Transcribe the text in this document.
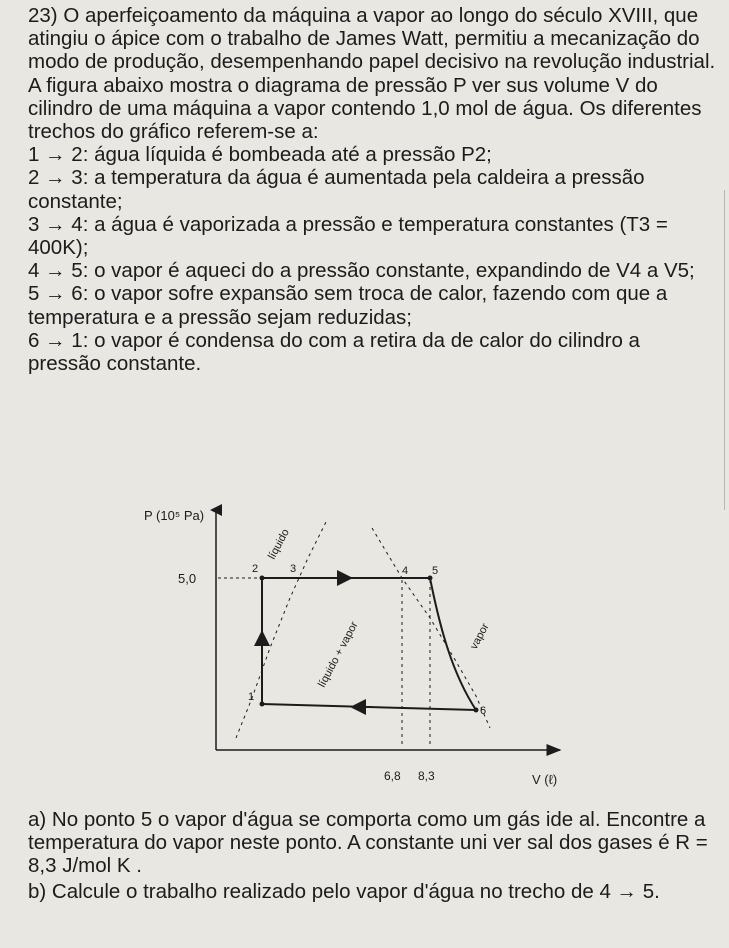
23) O aperfeiçoamento da máquina a vapor ao longo do século XVIII, que atingiu o ápice com o trabalho de James Watt, permitiu a mecanização do modo de produção, desempenhando papel decisivo na revolução industrial. A figura abaixo mostra o diagrama de pressão P ver sus volume V do cilindro de uma máquina a vapor contendo 1,0 mol de água. Os diferentes trechos do gráfico referem-se a:

1 → 2: água líquida é bombeada até a pressão P2;

2 → 3: a temperatura da água é aumentada pela caldeira a pressão constante;

3 → 4: a água é vaporizada a pressão e temperatura constantes (T3 = 400K);

4 → 5: o vapor é aqueci do a pressão constante, expandindo de V4 a V5;

5 → 6: o vapor sofre expansão sem troca de calor, fazendo com que a temperatura e a pressão sejam reduzidas;

6 → 1: o vapor é condensa do com a retira da de calor do cilindro a pressão constante.

P (10⁵ Pa)
V (ℓ)
5,0
6,8 8,3
1
2	3	4 5
6
líquido
líquido + vapor	vapor

a) No ponto 5 o vapor d'água se comporta como um gás ide al. Encontre a temperatura do vapor neste ponto. A constante uni ver sal dos gases é R = 8,3 J/mol K .

b) Calcule o trabalho realizado pelo vapor d'água no trecho de 4 → 5.
